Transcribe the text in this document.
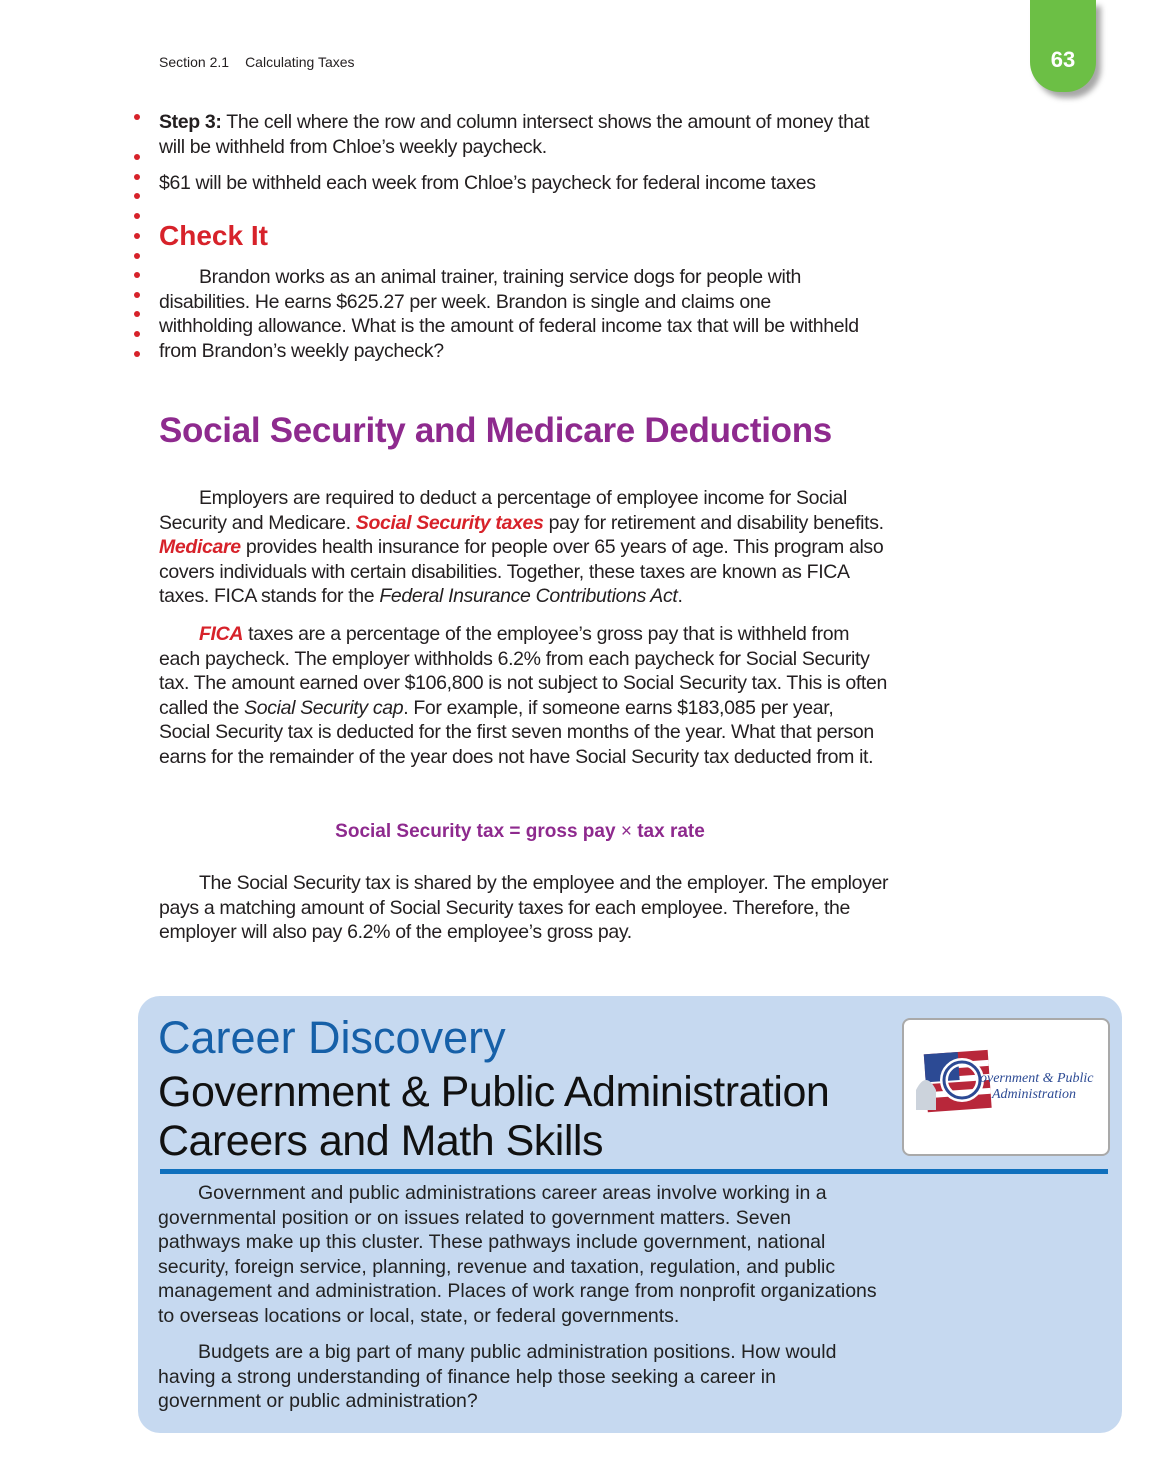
63
Section 2.1 Calculating Taxes

Step 3: The cell where the row and column intersect shows the amount of money that will be withheld from Chloe’s weekly paycheck.

$61 will be withheld each week from Chloe’s paycheck for federal income taxes
Check It
Brandon works as an animal trainer, training service dogs for people with disabilities. He earns $625.27 per week. Brandon is single and claims one withholding allowance. What is the amount of federal income tax that will be withheld from Brandon’s weekly paycheck?
Social Security and Medicare Deductions
Employers are required to deduct a percentage of employee income for Social Security and Medicare. Social Security taxes pay for retirement and disability benefits. Medicare provides health insurance for people over 65 years of age. This program also covers individuals with certain disabilities. Together, these taxes are known as FICA taxes. FICA stands for the Federal Insurance Contributions Act.
FICA taxes are a percentage of the employee’s gross pay that is withheld from each paycheck. The employer withholds 6.2% from each paycheck for Social Security tax. The amount earned over $106,800 is not subject to Social Security tax. This is often called the Social Security cap. For example, if someone earns $183,085 per year, Social Security tax is deducted for the first seven months of the year. What that person earns for the remainder of the year does not have Social Security tax deducted from it.
Social Security tax = gross pay × tax rate
The Social Security tax is shared by the employee and the employer. The employer pays a matching amount of Social Security taxes for each employee. Therefore, the employer will also pay 6.2% of the employee’s gross pay.
Career Discovery
Government & Public Administration
Careers and Math Skills
overnment & Public
Administration

Government and public administrations career areas involve working in a governmental position or on issues related to government matters. Seven pathways make up this cluster. These pathways include government, national security, foreign service, planning, revenue and taxation, regulation, and public management and administration. Places of work range from nonprofit organizations to overseas locations or local, state, or federal governments.

Budgets are a big part of many public administration positions. How would having a strong understanding of finance help those seeking a career in government or public administration?
